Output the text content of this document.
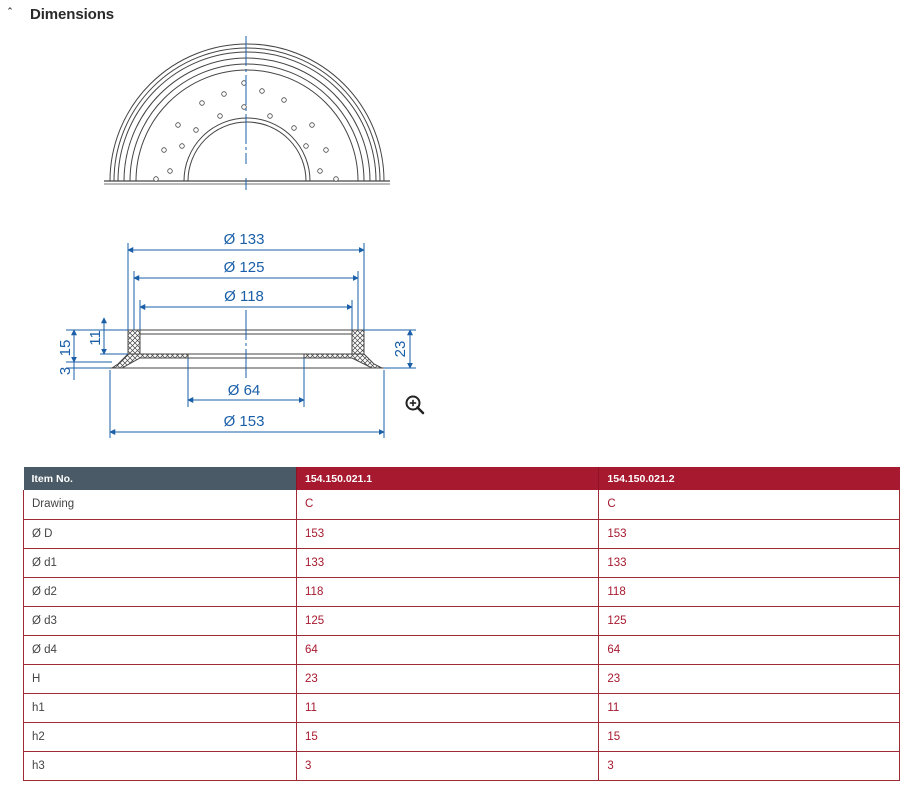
ˆ	Dimensions
Ø 133
Ø 125
Ø 118
Ø 64
Ø 153
15
11
3
23
Item No.	154.150.021.1	154.150.021.2
Drawing	C	C
Ø D	153	153
Ø d1	133	133
Ø d2	118	118
Ø d3	125	125
Ø d4	64	64
H	23	23
h1	11	11
h2	15	15
h3	3	3
